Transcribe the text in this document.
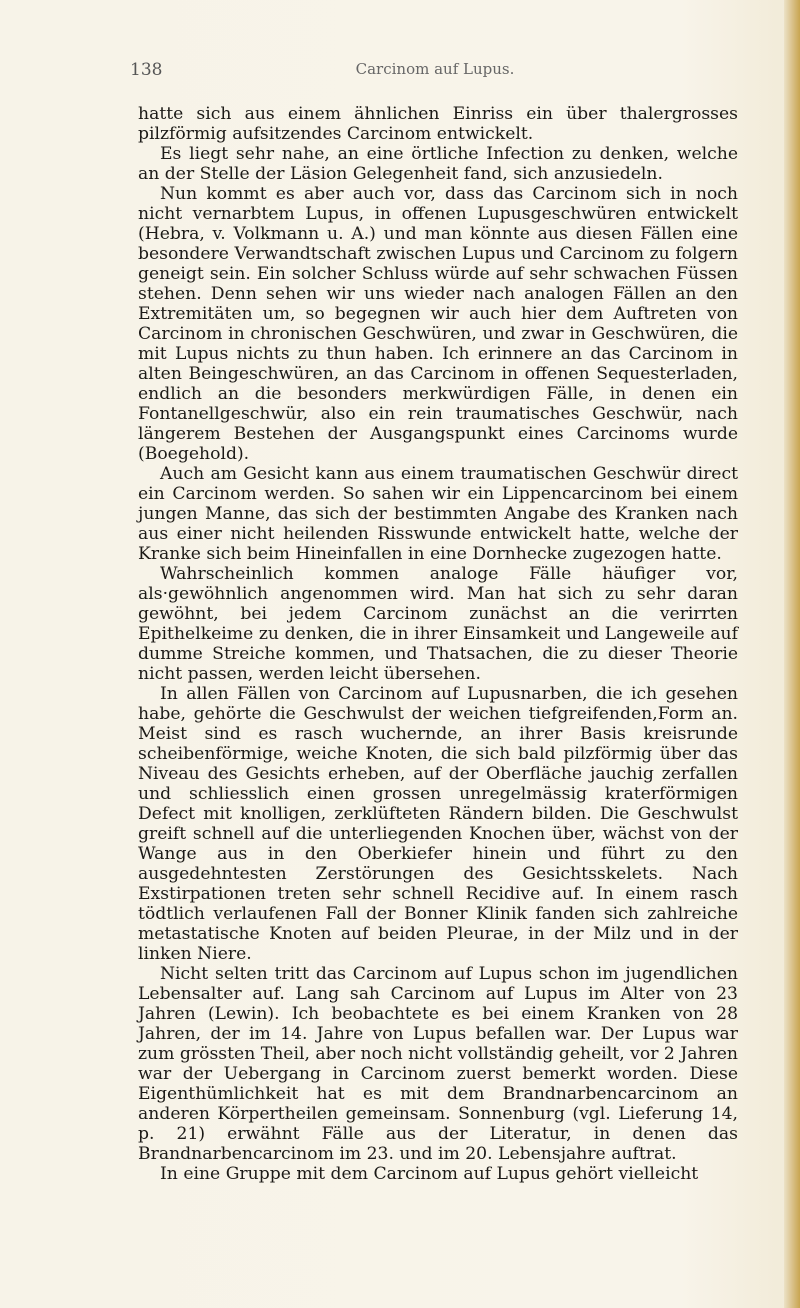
138	Carcinom auf Lupus.

hatte sich aus einem ähnlichen Einriss ein über thalergrosses pilzförmig aufsitzendes Carcinom entwickelt.

Es liegt sehr nahe, an eine örtliche Infection zu denken, welche an der Stelle der Läsion Gelegenheit fand, sich anzusiedeln.

Nun kommt es aber auch vor, dass das Carcinom sich in noch nicht vernarbtem Lupus, in offenen Lupusgeschwüren entwickelt (Hebra, v. Volkmann u. A.) und man könnte aus diesen Fällen eine besondere Verwandtschaft zwischen Lupus und Carcinom zu folgern geneigt sein. Ein solcher Schluss würde auf sehr schwachen Füssen stehen. Denn sehen wir uns wieder nach analogen Fällen an den Extremitäten um, so begegnen wir auch hier dem Auftreten von Carcinom in chronischen Geschwüren, und zwar in Geschwüren, die mit Lupus nichts zu thun haben. Ich erinnere an das Carcinom in alten Beingeschwüren, an das Carcinom in offenen Sequesterladen, endlich an die besonders merkwürdigen Fälle, in denen ein Fontanellgeschwür, also ein rein traumatisches Geschwür, nach längerem Bestehen der Ausgangspunkt eines Carcinoms wurde (Boegehold).

Auch am Gesicht kann aus einem traumatischen Geschwür direct ein Carcinom werden. So sahen wir ein Lippencarcinom bei einem jungen Manne, das sich der bestimmten Angabe des Kranken nach aus einer nicht heilenden Risswunde entwickelt hatte, welche der Kranke sich beim Hineinfallen in eine Dornhecke zugezogen hatte.

Wahrscheinlich kommen analoge Fälle häufiger vor, als·gewöhnlich angenommen wird. Man hat sich zu sehr daran gewöhnt, bei jedem Carcinom zunächst an die verirrten Epithelkeime zu denken, die in ihrer Einsamkeit und Langeweile auf dumme Streiche kommen, und Thatsachen, die zu dieser Theorie nicht passen, werden leicht übersehen.

In allen Fällen von Carcinom auf Lupusnarben, die ich gesehen habe, gehörte die Geschwulst der weichen tiefgreifenden,Form an. Meist sind es rasch wuchernde, an ihrer Basis kreisrunde scheibenförmige, weiche Knoten, die sich bald pilzförmig über das Niveau des Gesichts erheben, auf der Oberfläche jauchig zerfallen und schliesslich einen grossen unregelmässig kraterförmigen Defect mit knolligen, zerklüfteten Rändern bilden. Die Geschwulst greift schnell auf die unterliegenden Knochen über, wächst von der Wange aus in den Oberkiefer hinein und führt zu den ausgedehntesten Zerstörungen des Gesichtsskelets. Nach Exstirpationen treten sehr schnell Recidive auf. In einem rasch tödtlich verlaufenen Fall der Bonner Klinik fanden sich zahlreiche metastatische Knoten auf beiden Pleurae, in der Milz und in der linken Niere.

Nicht selten tritt das Carcinom auf Lupus schon im jugendlichen Lebensalter auf. Lang sah Carcinom auf Lupus im Alter von 23 Jahren (Lewin). Ich beobachtete es bei einem Kranken von 28 Jahren, der im 14. Jahre von Lupus befallen war. Der Lupus war zum grössten Theil, aber noch nicht vollständig geheilt, vor 2 Jahren war der Uebergang in Carcinom zuerst bemerkt worden. Diese Eigenthümlichkeit hat es mit dem Brandnarbencarcinom an anderen Körpertheilen gemeinsam. Sonnenburg (vgl. Lieferung 14, p. 21) erwähnt Fälle aus der Literatur, in denen das Brandnarbencarcinom im 23. und im 20. Lebensjahre auftrat.

In eine Gruppe mit dem Carcinom auf Lupus gehört vielleicht
